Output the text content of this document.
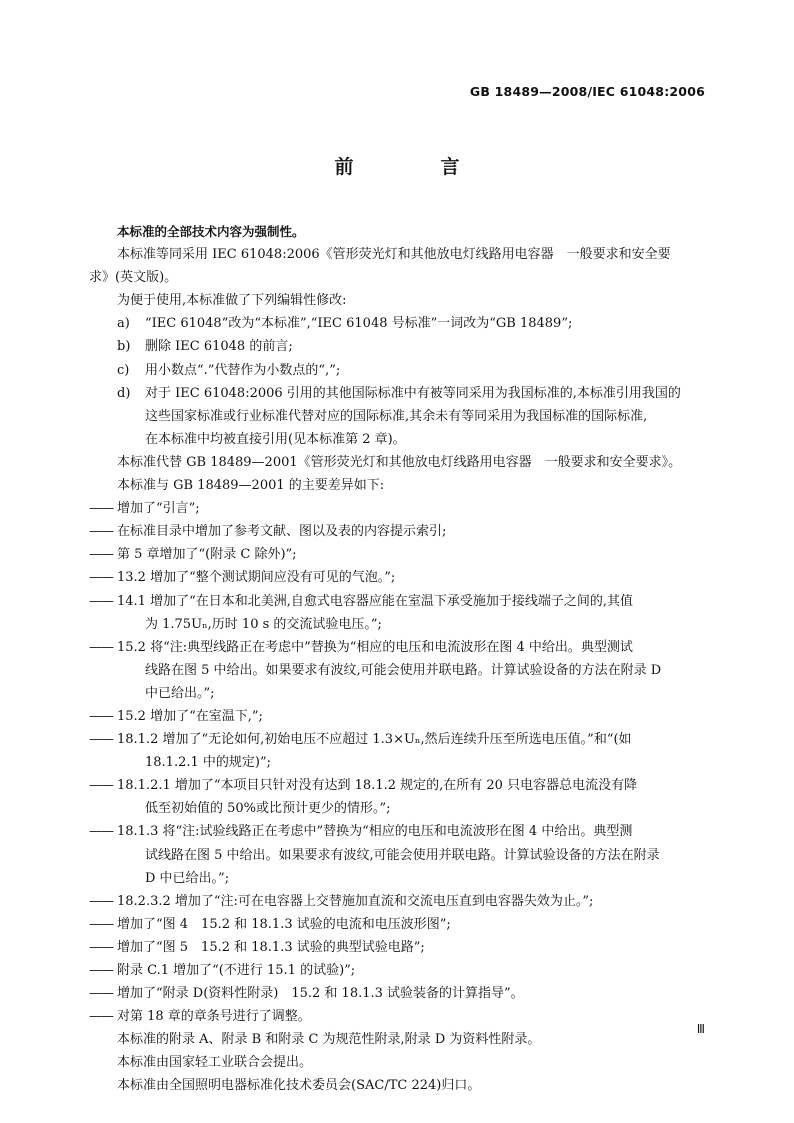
GB 18489—2008/IEC 61048:2006
前　言
本标准的全部技术内容为强制性。
本标准等同采用 IEC 61048:2006《管形荧光灯和其他放电灯线路用电容器　一般要求和安全要
求》(英文版)。
为便于使用,本标准做了下列编辑性修改:
a) “IEC 61048”改为“本标准”,“IEC 61048 号标准”一词改为“GB 18489”;
b) 删除 IEC 61048 的前言;
c) 用小数点“.”代替作为小数点的“,”;
d) 对于 IEC 61048:2006 引用的其他国际标准中有被等同采用为我国标准的,本标准引用我国的
这些国家标准或行业标准代替对应的国际标准,其余未有等同采用为我国标准的国际标准,
在本标准中均被直接引用(见本标准第 2 章)。
本标准代替 GB 18489—2001《管形荧光灯和其他放电灯线路用电容器　一般要求和安全要求》。
本标准与 GB 18489—2001 的主要差异如下:
—— 增加了“引言”;
—— 在标准目录中增加了参考文献、图以及表的内容提示索引;
—— 第 5 章增加了“(附录 C 除外)”;
—— 13.2 增加了“整个测试期间应没有可见的气泡。”;
—— 14.1 增加了“在日本和北美洲,自愈式电容器应能在室温下承受施加于接线端子之间的,其值
为 1.75Uₙ,历时 10 s 的交流试验电压。”;
—— 15.2 将“注:典型线路正在考虑中”替换为“相应的电压和电流波形在图 4 中给出。典型测试
线路在图 5 中给出。如果要求有波纹,可能会使用并联电路。计算试验设备的方法在附录 D
中已给出。”;
—— 15.2 增加了“在室温下,”;
—— 18.1.2 增加了“无论如何,初始电压不应超过 1.3×Uₙ,然后连续升压至所选电压值。”和“(如
18.1.2.1 中的规定)”;
—— 18.1.2.1 增加了“本项目只针对没有达到 18.1.2 规定的,在所有 20 只电容器总电流没有降
低至初始值的 50%或比预计更少的情形。”;
—— 18.1.3 将“注:试验线路正在考虑中”替换为“相应的电压和电流波形在图 4 中给出。典型测
试线路在图 5 中给出。如果要求有波纹,可能会使用并联电路。计算试验设备的方法在附录
D 中已给出。”;
—— 18.2.3.2 增加了“注:可在电容器上交替施加直流和交流电压直到电容器失效为止。”;
—— 增加了“图 4　15.2 和 18.1.3 试验的电流和电压波形图”;
—— 增加了“图 5　15.2 和 18.1.3 试验的典型试验电路”;
—— 附录 C.1 增加了“(不进行 15.1 的试验)”;
—— 增加了“附录 D(资料性附录)　15.2 和 18.1.3 试验装备的计算指导”。
—— 对第 18 章的章条号进行了调整。
本标准的附录 A、附录 B 和附录 C 为规范性附录,附录 D 为资料性附录。
本标准由国家轻工业联合会提出。
本标准由全国照明电器标准化技术委员会(SAC/TC 224)归口。
Ⅲ
